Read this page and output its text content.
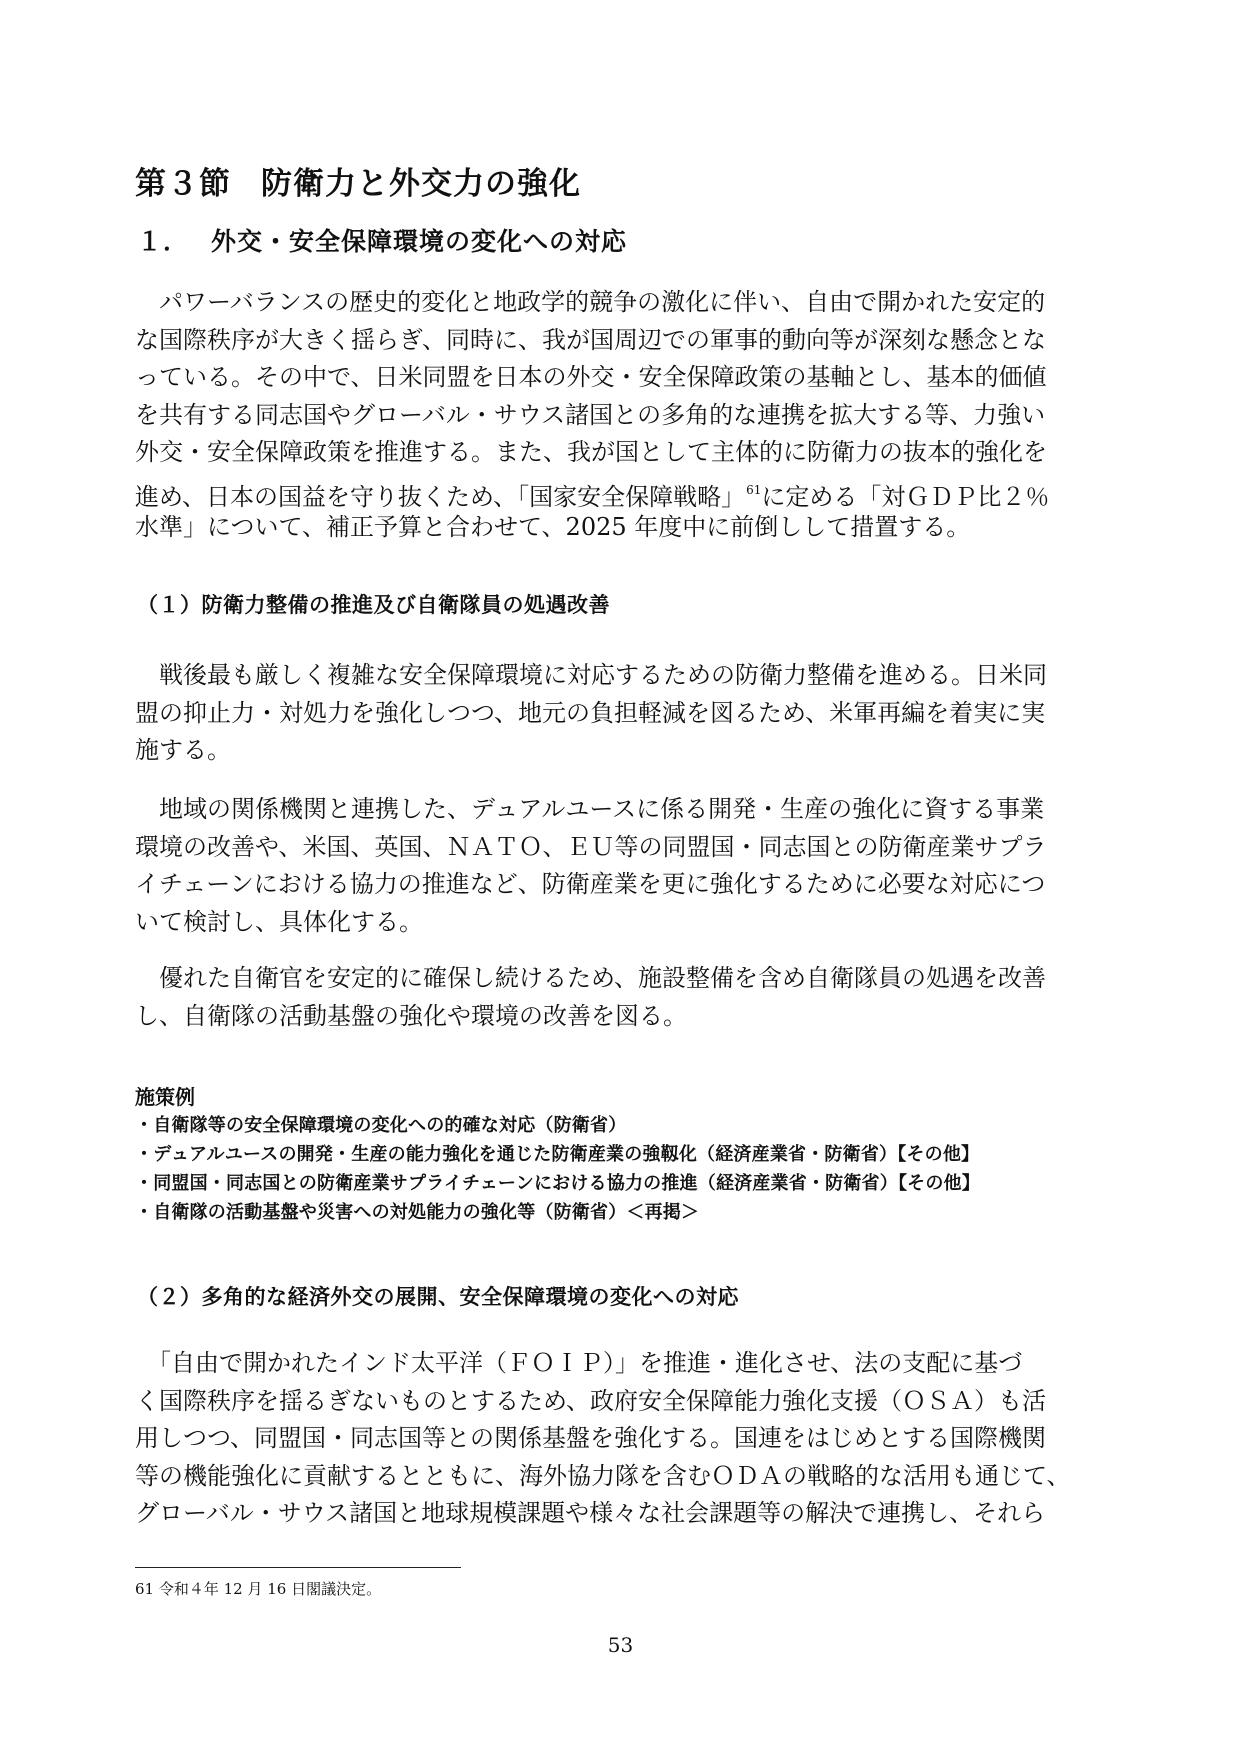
第３節 防衛力と外交力の強化
１． 外交・安全保障環境の変化への対応
パワーバランスの歴史的変化と地政学的競争の激化に伴い、自由で開かれた安定的
な国際秩序が大きく揺らぎ、同時に、我が国周辺での軍事的動向等が深刻な懸念とな
っている。その中で、日米同盟を日本の外交・安全保障政策の基軸とし、基本的価値
を共有する同志国やグローバル・サウス諸国との多角的な連携を拡大する等、力強い
外交・安全保障政策を推進する。また、我が国として主体的に防衛力の抜本的強化を
進め、日本の国益を守り抜くため、「国家安全保障戦略」$^{61}$に定める「対ＧＤＰ比２％
水準」について、補正予算と合わせて、2025 年度中に前倒しして措置する。
（１）防衛力整備の推進及び自衛隊員の処遇改善
　戦後最も厳しく複雑な安全保障環境に対応するための防衛力整備を進める。日米同
盟の抑止力・対処力を強化しつつ、地元の負担軽減を図るため、米軍再編を着実に実
施する。
　地域の関係機関と連携した、デュアルユースに係る開発・生産の強化に資する事業
環境の改善や、米国、英国、ＮＡＴＯ、ＥＵ等の同盟国・同志国との防衛産業サプラ
イチェーンにおける協力の推進など、防衛産業を更に強化するために必要な対応につ
いて検討し、具体化する。
　優れた自衛官を安定的に確保し続けるため、施設整備を含め自衛隊員の処遇を改善
し、自衛隊の活動基盤の強化や環境の改善を図る。
施策例
・自衛隊等の安全保障環境の変化への的確な対応（防衛省）
・デュアルユースの開発・生産の能力強化を通じた防衛産業の強靱化（経済産業省・防衛省）【その他】
・同盟国・同志国との防衛産業サプライチェーンにおける協力の推進（経済産業省・防衛省）【その他】
・自衛隊の活動基盤や災害への対処能力の強化等（防衛省）＜再掲＞
（２）多角的な経済外交の展開、安全保障環境の変化への対応
　「自由で開かれたインド太平洋（ＦＯＩＰ）」を推進・進化させ、法の支配に基づ
く国際秩序を揺るぎないものとするため、政府安全保障能力強化支援（ＯＳＡ）も活
用しつつ、同盟国・同志国等との関係基盤を強化する。国連をはじめとする国際機関
等の機能強化に貢献するとともに、海外協力隊を含むＯＤＡの戦略的な活用も通じて、
グローバル・サウス諸国と地球規模課題や様々な社会課題等の解決で連携し、それら
61 令和４年 12 月 16 日閣議決定。
53
